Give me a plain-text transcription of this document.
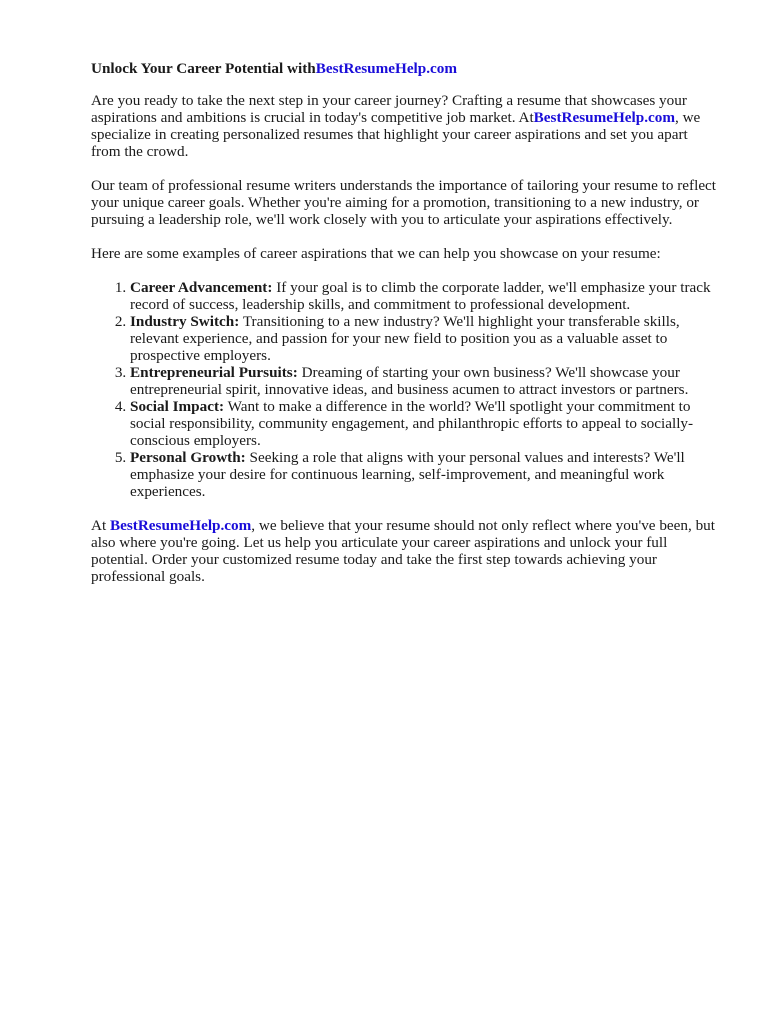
Unlock Your Career Potential withBestResumeHelp.com

Are you ready to take the next step in your career journey? Crafting a resume that showcases your aspirations and ambitions is crucial in today's competitive job market. AtBestResumeHelp.com, we specialize in creating personalized resumes that highlight your career aspirations and set you apart from the crowd.

Our team of professional resume writers understands the importance of tailoring your resume to reflect your unique career goals. Whether you're aiming for a promotion, transitioning to a new industry, or pursuing a leadership role, we'll work closely with you to articulate your aspirations effectively.

Here are some examples of career aspirations that we can help you showcase on your resume:

1. Career Advancement: If your goal is to climb the corporate ladder, we'll emphasize your track record of success, leadership skills, and commitment to professional development.
2. Industry Switch: Transitioning to a new industry? We'll highlight your transferable skills, relevant experience, and passion for your new field to position you as a valuable asset to prospective employers.
3. Entrepreneurial Pursuits: Dreaming of starting your own business? We'll showcase your entrepreneurial spirit, innovative ideas, and business acumen to attract investors or partners.
4. Social Impact: Want to make a difference in the world? We'll spotlight your commitment to social responsibility, community engagement, and philanthropic efforts to appeal to socially-conscious employers.
5. Personal Growth: Seeking a role that aligns with your personal values and interests? We'll emphasize your desire for continuous learning, self-improvement, and meaningful work experiences.

At BestResumeHelp.com, we believe that your resume should not only reflect where you've been, but also where you're going. Let us help you articulate your career aspirations and unlock your full potential. Order your customized resume today and take the first step towards achieving your professional goals.
